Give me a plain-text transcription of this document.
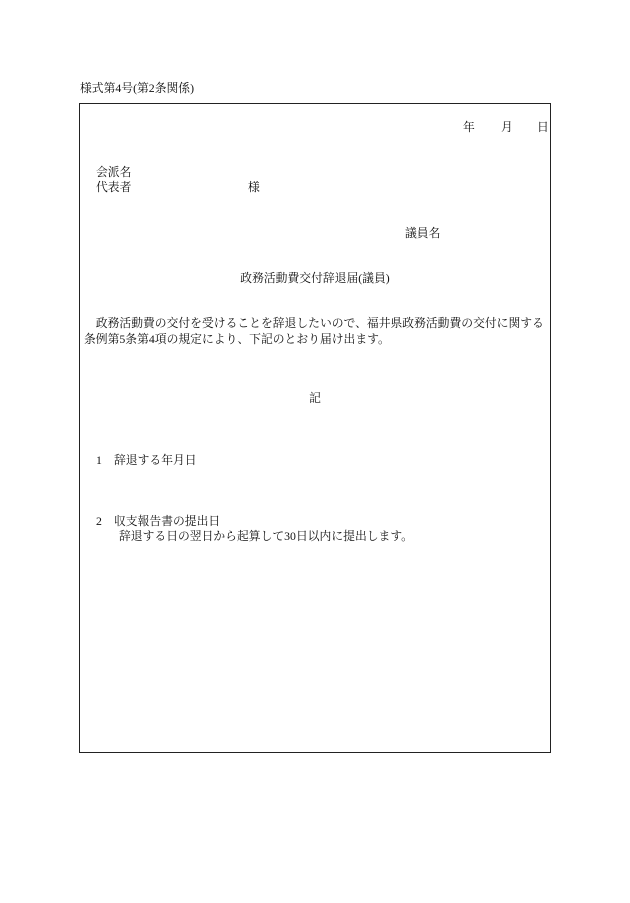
様式第4号(第2条関係)
年 月 日
会派名
代表者	様
議員名
政務活動費交付辞退届(議員)

政務活動費の交付を受けることを辞退したいので、福井県政務活動費の交付に関する条例第5条第4項の規定により、下記のとおり届け出ます。

記
1 辞退する年月日
2 収支報告書の提出日
辞退する日の翌日から起算して30日以内に提出します。
